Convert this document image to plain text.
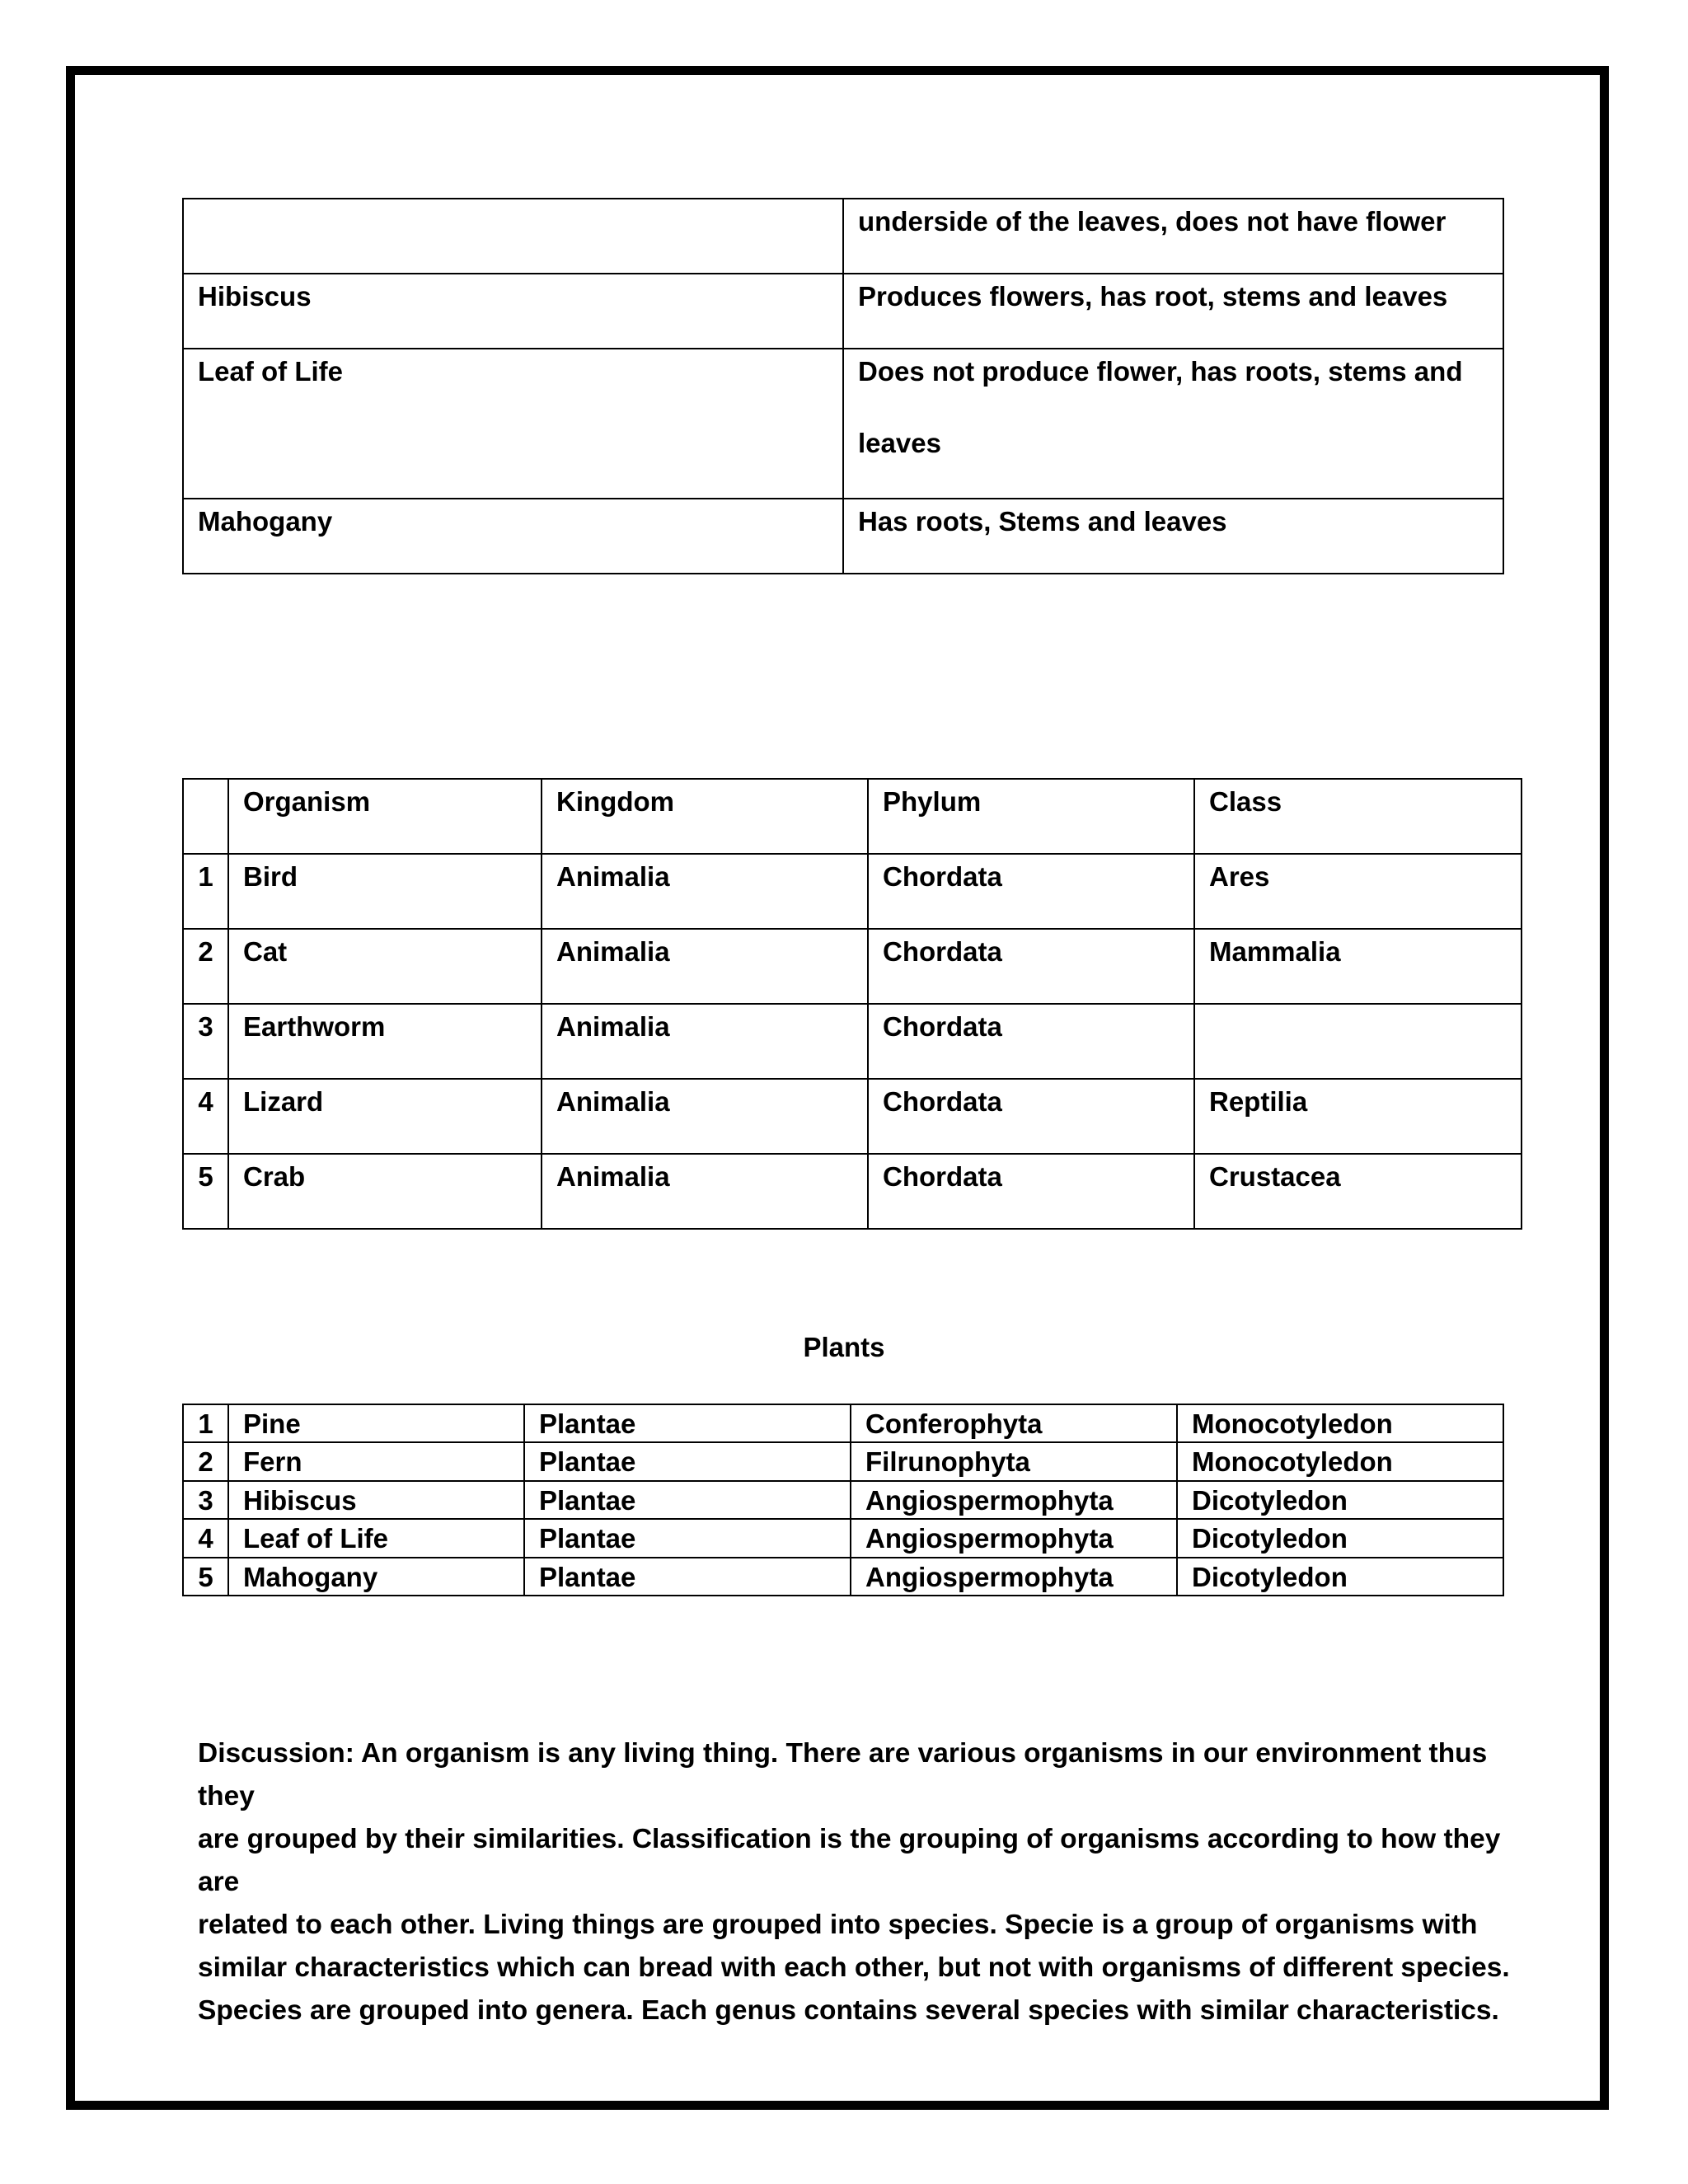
	underside of the leaves, does not have flower
Hibiscus	Produces flowers, has root, stems and leaves
Leaf of Life	Does not produce flower, has roots, stems and
leaves

Mahogany	Has roots, Stems and leaves
	Organism	Kingdom	Phylum	Class
1	Bird	Animalia	Chordata	Ares
2	Cat	Animalia	Chordata	Mammalia
3	Earthworm	Animalia	Chordata	
4	Lizard	Animalia	Chordata	Reptilia
5	Crab	Animalia	Chordata	Crustacea
Plants
1	Pine	Plantae	Conferophyta	Monocotyledon
2	Fern	Plantae	Filrunophyta	Monocotyledon
3	Hibiscus	Plantae	Angiospermophyta	Dicotyledon
4	Leaf of Life	Plantae	Angiospermophyta	Dicotyledon
5	Mahogany	Plantae	Angiospermophyta	Dicotyledon
Discussion: An organism is any living thing. There are various organisms in our environment thus they
are grouped by their similarities. Classification is the grouping of organisms according to how they are
related to each other. Living things are grouped into species. Specie is a group of organisms with
similar characteristics which can bread with each other, but not with organisms of different species.
Species are grouped into genera. Each genus contains several species with similar characteristics.
